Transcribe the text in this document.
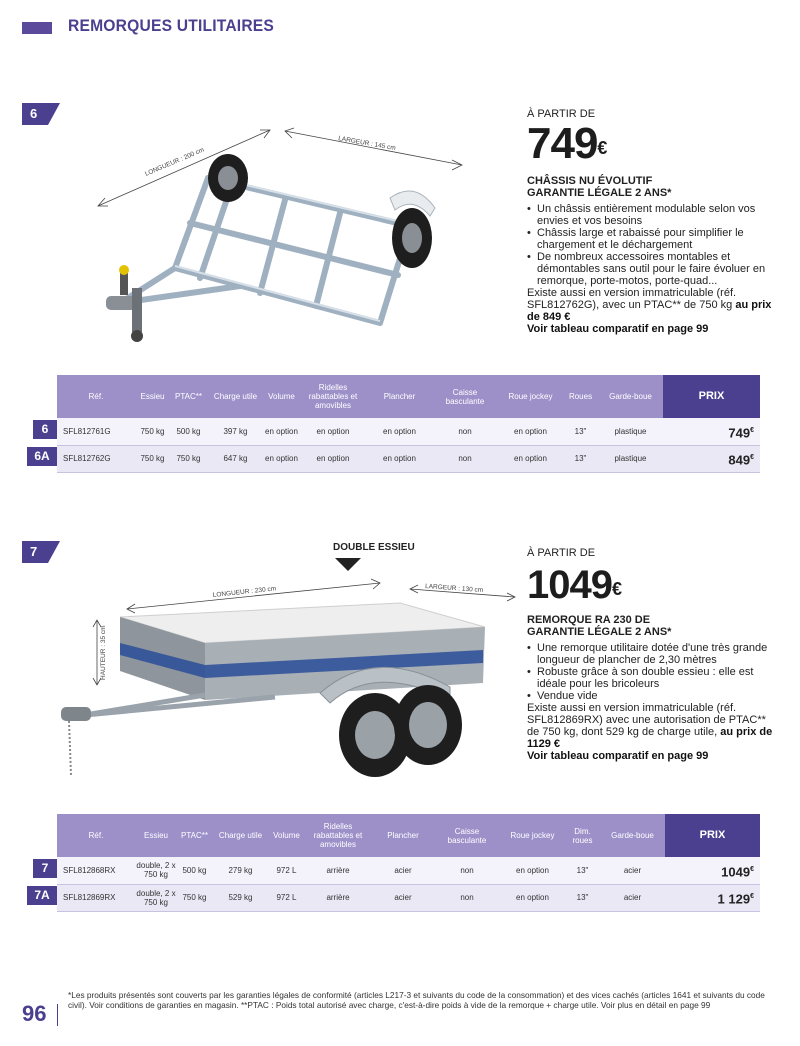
REMORQUES UTILITAIRES
6
LONGUEUR : 200 cm
LARGEUR : 145 cm
À PARTIR DE
749€
CHÂSSIS NU ÉVOLUTIF
GARANTIE LÉGALE 2 ANS*
• Un châssis entièrement modulable selon vos envies et vos besoins
• Châssis large et rabaissé pour simplifier le chargement et le déchargement
• De nombreux accessoires montables et démontables sans outil pour le faire évoluer en remorque, porte-motos, porte-quad...
Existe aussi en version immatriculable (réf. SFL812762G), avec un PTAC** de 750 kg au prix de 849 €
Voir tableau comparatif en page 99
6
6A
Réf.	Essieu	PTAC**	Charge utile	Volume	Ridelles rabattables et amovibles	Plancher	Caisse basculante	Roue jockey	Roues	Garde-boue	PRIX
SFL812761G	750 kg	500 kg	397 kg	en option	en option	en option	non	en option	13"	plastique	749€
SFL812762G	750 kg	750 kg	647 kg	en option	en option	en option	non	en option	13"	plastique	849€
7	DOUBLE ESSIEU
LONGUEUR : 230 cm	LARGEUR : 130 cm
HAUTEUR : 35 cm
À PARTIR DE
1049€
REMORQUE RA 230 DE
GARANTIE LÉGALE 2 ANS*
• Une remorque utilitaire dotée d'une très grande longueur de plancher de 2,30 mètres
• Robuste grâce à son double essieu : elle est idéale pour les bricoleurs
• Vendue vide
Existe aussi en version immatriculable (réf. SFL812869RX) avec une autorisation de PTAC** de 750 kg, dont 529 kg de charge utile, au prix de 1129 €
Voir tableau comparatif en page 99
7
7A
Réf.	Essieu	PTAC**	Charge utile	Volume	Ridelles rabattables et amovibles	Plancher	Caisse basculante	Roue jockey	Dim. roues	Garde-boue	PRIX
SFL812868RX	double, 2 x 750 kg	500 kg	279 kg	972 L	arrière	acier	non	en option	13"	acier	1049€
SFL812869RX	double, 2 x 750 kg	750 kg	529 kg	972 L	arrière	acier	non	en option	13"	acier	1 129€
96
*Les produits présentés sont couverts par les garanties légales de conformité (articles L217-3 et suivants du code de la consommation) et des vices cachés (articles 1641 et suivants du code civil). Voir conditions de garanties en magasin. **PTAC : Poids total autorisé avec charge, c'est-à-dire poids à vide de la remorque + charge utile. Voir plus en détail en page 99
